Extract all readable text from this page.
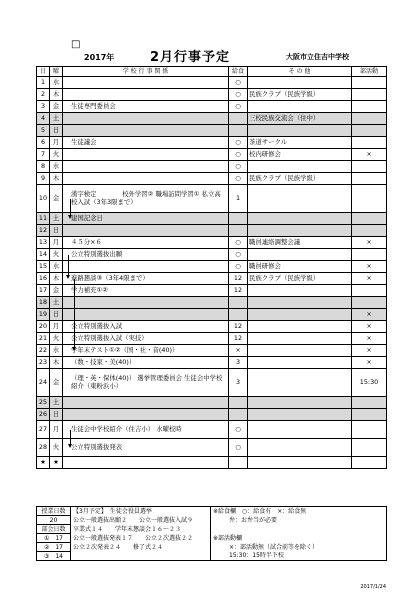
□
2017年	2月行事予定	大阪市立住吉中学校
日	曜	学 校 行 事 関 係	給食	そ の 他	部活動
1	水		○		
2	木		○	民族クラブ（民族学級）	
3	金	生徒専門委員会	○		
4	土			三校民族交流会（住中）	
5	日				
6	月	生徒議会	○	茶道サークル	
7	火		○	校内研修会	×
8	水		○		
9	木		○	民族クラブ（民族学級）	
10	金	漢字検定　　　　校外学習② 職場訪問学習① 私立高校入試（3年3限まで）	1		
11	土	建国記念日			
12	日				
13	月	４５分×６	○	職員連絡調整会議	×
14	火	公立特別選抜出願	○		
15	水		○	職員研修会	×
16	木	進路懇談③（3年4限まで）	12	民族クラブ（民族学級）	×
17	金	学力補充①②	12		
18	土				
19	日				×
20	月	公立特別選抜入試	12		×
21	火	公立特別選抜入試（実技）	12		×
22	水	学年末テスト①②（国・社・音(40)）	×		×
23	木	（数・技家・美(40)）	3		×
24	金	（理・英・保体(40)） 選挙管理委員会 生徒会中学校紹介（東粉浜小）	3		15:30
25	土				
26	日				
27	月	生徒会中学校紹介（住吉小） 水曜校時	○		
28	火	公立特別選抜発表	○		
★	★				
授業日数	【3月予定】　生徒会役員選挙	※給食欄　○：給食有　×：給食無
20	公立一般選抜出願２　　公立一般選抜入試９	弁：お弁当が必要
部会日数	卒業式１４　　学年末懇談会１６〜２３	
①　17	公立一般選抜発表１７　　公立２次選抜２２	※部活動欄
②　17	公立２次発表２４　　修了式２４	×：部活動無（試合前等を除く）
③　14		15:30：15時半下校
2017/1/24
